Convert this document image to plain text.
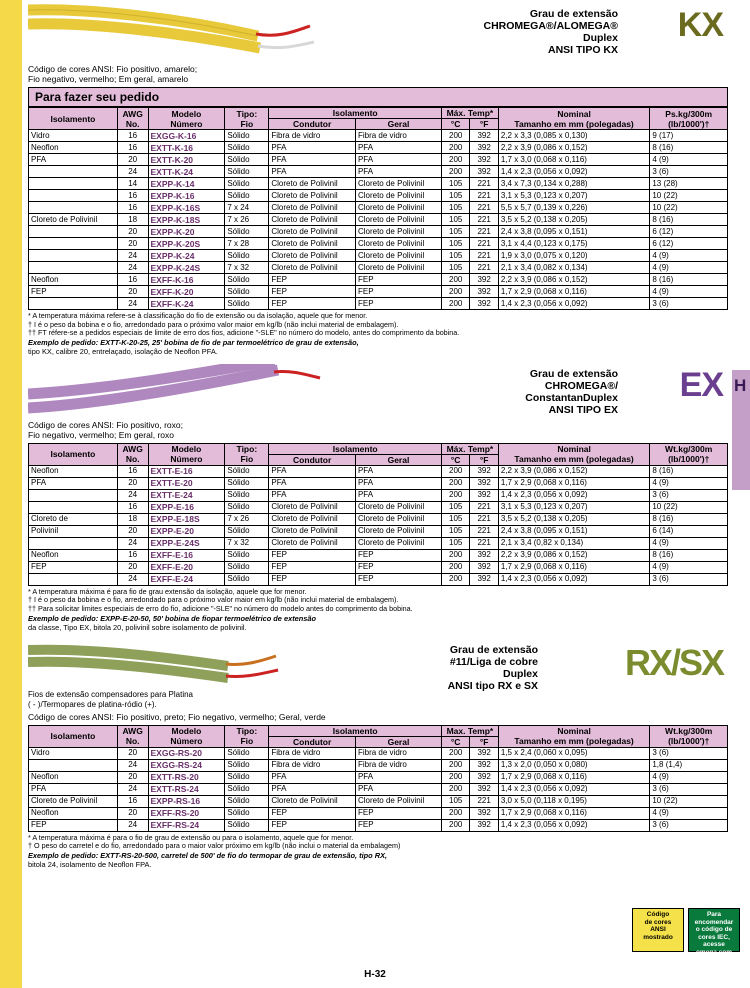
H
Grau de extensão
CHROMEGA®/ALOMEGA®
Duplex
ANSI TIPO KX
KX
Código de cores ANSI: Fio positivo, amarelo;
Fio negativo, vermelho; Em geral, amarelo
Para fazer seu pedido
Isolamento	AWG
No.	Modelo
Número	Tipo:
Fio	Isolamento		Máx. Temp*		Nominal
Tamanho em mm (polegadas)	Ps.kg/300m
(lb/1000')†
				Condutor	Geral	°C	°F		
Vidro	16	EXGG-K-16	Sólido	Fibra de vidro	Fibra de vidro	200	392	2,2 x 3,3 (0,085 x 0,130)	9 (17)
Neoflon	16	EXTT-K-16	Sólido	PFA	PFA	200	392	2,2 x 3,9 (0,086 x 0,152)	8 (16)
PFA	20	EXTT-K-20	Sólido	PFA	PFA	200	392	1,7 x 3,0 (0,068 x 0,116)	4 (9)
	24	EXTT-K-24	Sólido	PFA	PFA	200	392	1,4 x 2,3 (0,056 x 0,092)	3 (6)
	14	EXPP-K-14	Sólido	Cloreto de Polivinil	Cloreto de Polivinil	105	221	3,4 x 7,3 (0,134 x 0,288)	13 (28)
	16	EXPP-K-16	Sólido	Cloreto de Polivinil	Cloreto de Polivinil	105	221	3,1 x 5,3 (0,123 x 0,207)	10 (22)
	16	EXPP-K-16S	7 x 24	Cloreto de Polivinil	Cloreto de Polivinil	105	221	5,5 x 5,7 (0,139 x 0,226)	10 (22)
Cloreto de Polivinil	18	EXPP-K-18S	7 x 26	Cloreto de Polivinil	Cloreto de Polivinil	105	221	3,5 x 5,2 (0,138 x 0,205)	8 (16)
	20	EXPP-K-20	Sólido	Cloreto de Polivinil	Cloreto de Polivinil	105	221	2,4 x 3,8 (0,095 x 0,151)	6 (12)
	20	EXPP-K-20S	7 x 28	Cloreto de Polivinil	Cloreto de Polivinil	105	221	3,1 x 4,4 (0,123 x 0,175)	6 (12)
	24	EXPP-K-24	Sólido	Cloreto de Polivinil	Cloreto de Polivinil	105	221	1,9 x 3,0 (0,075 x 0,120)	4 (9)
	24	EXPP-K-24S	7 x 32	Cloreto de Polivinil	Cloreto de Polivinil	105	221	2,1 x 3,4 (0,082 x 0,134)	4 (9)
Neoflon	16	EXFF-K-16	Sólido	FEP	FEP	200	392	2,2 x 3,9 (0,086 x 0,152)	8 (16)
FEP	20	EXFF-K-20	Sólido	FEP	FEP	200	392	1,7 x 2,9 (0,068 x 0,116)	4 (9)
	24	EXFF-K-24	Sólido	FEP	FEP	200	392	1,4 x 2,3 (0,056 x 0,092)	3 (6)
* A temperatura máxima refere-se à classificação do fio de extensão ou da isolação, aquele que for menor.
† I é o peso da bobina e o fio, arredondado para o próximo valor maior em kg/lb (não inclui material de embalagem).
†† FT réfere-se a pedidos especiais de limite de erro dos fios, adicione "-SLE" no número do modelo, antes do comprimento da bobina.
Exemplo de pedido: EXTT-K-20-25, 25' bobina de fio de par termoelétrico de grau de extensão,
tipo KX, calibre 20, entrelaçado, isolação de Neoflon PFA.
Grau de extensão
CHROMEGA®/
ConstantanDuplex
ANSI TIPO EX
EX
Código de cores ANSI: Fio positivo, roxo;
Fio negativo, vermelho; Em geral, roxo
Isolamento	AWG
No.	Modelo
Número	Tipo:
Fio	Isolamento		Máx. Temp*		Nominal
Tamanho em mm (polegadas)	Wt.kg/300m
(lb/1000')†
				Condutor	Geral	°C	°F		
Neoflon	16	EXTT-E-16	Sólido	PFA	PFA	200	392	2,2 x 3,9 (0,086 x 0,152)	8 (16)
PFA	20	EXTT-E-20	Sólido	PFA	PFA	200	392	1,7 x 2,9 (0,068 x 0,116)	4 (9)
	24	EXTT-E-24	Sólido	PFA	PFA	200	392	1,4 x 2,3 (0,056 x 0,092)	3 (6)
	16	EXPP-E-16	Sólido	Cloreto de Polivinil	Cloreto de Polivinil	105	221	3,1 x 5,3 (0,123 x 0,207)	10 (22)
Cloreto de	18	EXPP-E-18S	7 x 26	Cloreto de Polivinil	Cloreto de Polivinil	105	221	3,5 x 5,2 (0,138 x 0,205)	8 (16)
Polivinil	20	EXPP-E-20	Sólido	Cloreto de Polivinil	Cloreto de Polivinil	105	221	2,4 x 3,8 (0,095 x 0,151)	6 (14)
	24	EXPP-E-24S	7 x 32	Cloreto de Polivinil	Cloreto de Polivinil	105	221	2,1 x 3,4 (0,82 x 0,134)	4 (9)
Neoflon	16	EXFF-E-16	Sólido	FEP	FEP	200	392	2,2 x 3,9 (0,086 x 0,152)	8 (16)
FEP	20	EXFF-E-20	Sólido	FEP	FEP	200	392	1,7 x 2,9 (0,068 x 0,116)	4 (9)
	24	EXFF-E-24	Sólido	FEP	FEP	200	392	1,4 x 2,3 (0,056 x 0,092)	3 (6)
* A temperatura máxima é para fio de grau extensão da isolação, aquele que for menor.
† I é o peso da bobina e o fio, arredondado para o próximo valor maior em kg/lb (não inclui material de embalagem).
†† Para solicitar limites especiais de erro do fio, adicione "-SLE" no número do modelo antes do comprimento da bobina.
Exemplo de pedido: EXPP-E-20-50, 50' bobina de fiopar termoelétrico de extensão
da classe, Tipo EX, bitola 20, polivinil sobre isolamento de polivinil.
Grau de extensão
#11/Liga de cobre
Duplex
ANSI tipo RX e SX
RX/SX
Fios de extensão compensadores para Platina
( - )/Termopares de platina-ródio (+).
Código de cores ANSI: Fio positivo, preto; Fio negativo, vermelho; Geral, verde
Isolamento	AWG
No.	Modelo
Número	Tipo:
Fio	Isolamento		Max. Temp*		Nominal
Tamanho em mm (polegadas)	Wt.kg/300m
(lb/1000')†
				Condutor	Geral	°C	°F		
Vidro	20	EXGG-RS-20	Sólido	Fibra de vidro	Fibra de vidro	200	392	1,5 x 2,4 (0,060 x 0,095)	3 (6)
	24	EXGG-RS-24	Sólido	Fibra de vidro	Fibra de vidro	200	392	1,3 x 2,0 (0,050 x 0,080)	1,8 (1,4)
Neoflon	20	EXTT-RS-20	Sólido	PFA	PFA	200	392	1,7 x 2,9 (0,068 x 0,116)	4 (9)
PFA	24	EXTT-RS-24	Sólido	PFA	PFA	200	392	1,4 x 2,3 (0,056 x 0,092)	3 (6)
Cloreto de Polivinil	16	EXPP-RS-16	Sólido	Cloreto de Polivinil	Cloreto de Polivinil	105	221	3,0 x 5,0 (0,118 x 0,195)	10 (22)
Neoflon	20	EXFF-RS-20	Sólido	FEP	FEP	200	392	1,7 x 2,9 (0,068 x 0,116)	4 (9)
FEP	24	EXFF-RS-24	Sólido	FEP	FEP	200	392	1,4 x 2,3 (0,056 x 0,092)	3 (6)
* A temperatura máxima é para o fio de grau de extensão ou para o isolamento, aquele que for menor.
† O peso do carretel e do fio, arredondado para o maior valor próximo em kg/lb (não inclui o material da embalagem)
Exemplo de pedido: EXTT-RS-20-500, carretel de 500' de fio do termopar de grau de extensão, tipo RX,
bitola 24, isolamento de Neoflon FPA.
Código
de cores
ANSI
mostrado
Para
encomendar
o código de
cores IEC,
acesse
omega.com
H-32
